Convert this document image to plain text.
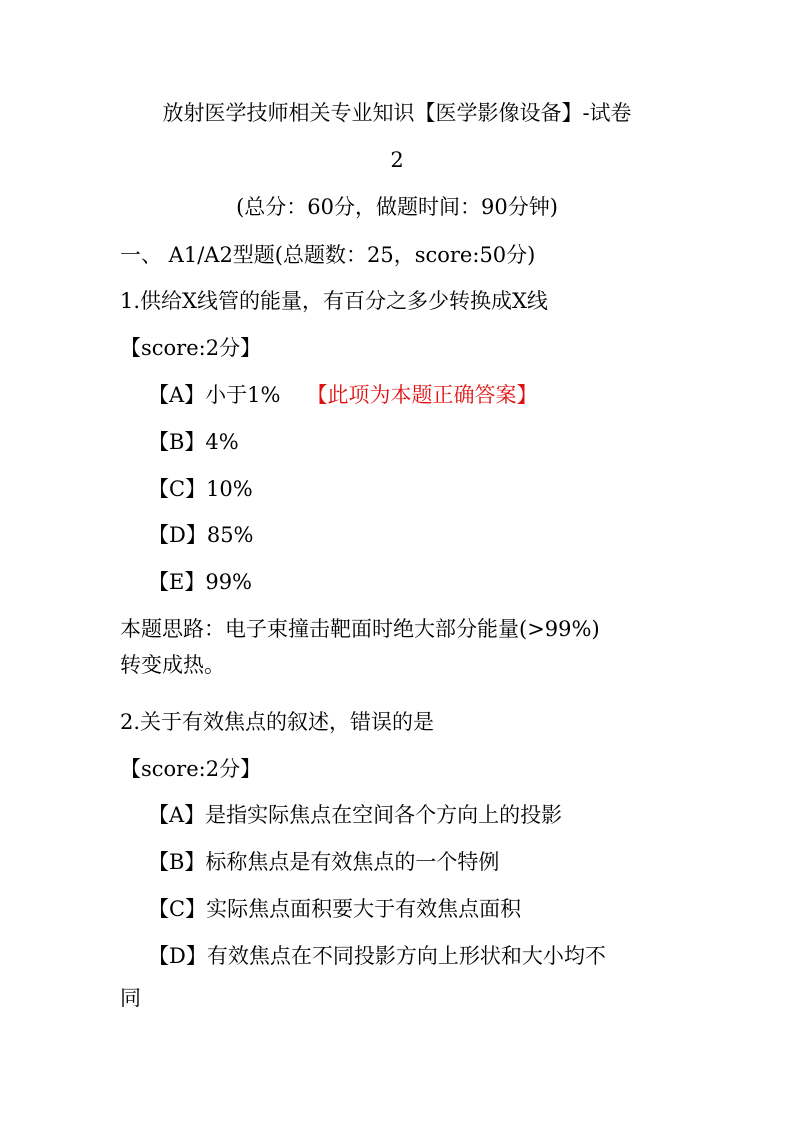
放射医学技师相关专业知识【医学影像设备】-试卷
2
(总分：60分，做题时间：90分钟)
一、 A1/A2型题(总题数：25，score:50分)
1.供给X线管的能量，有百分之多少转换成X线
【score:2分】
【A】小于1% 【此项为本题正确答案】
【B】4%
【C】10%
【D】85%
【E】99%
本题思路：电子束撞击靶面时绝大部分能量(>99%)
转变成热。
2.关于有效焦点的叙述，错误的是
【score:2分】
【A】是指实际焦点在空间各个方向上的投影
【B】标称焦点是有效焦点的一个特例
【C】实际焦点面积要大于有效焦点面积
【D】有效焦点在不同投影方向上形状和大小均不
同
